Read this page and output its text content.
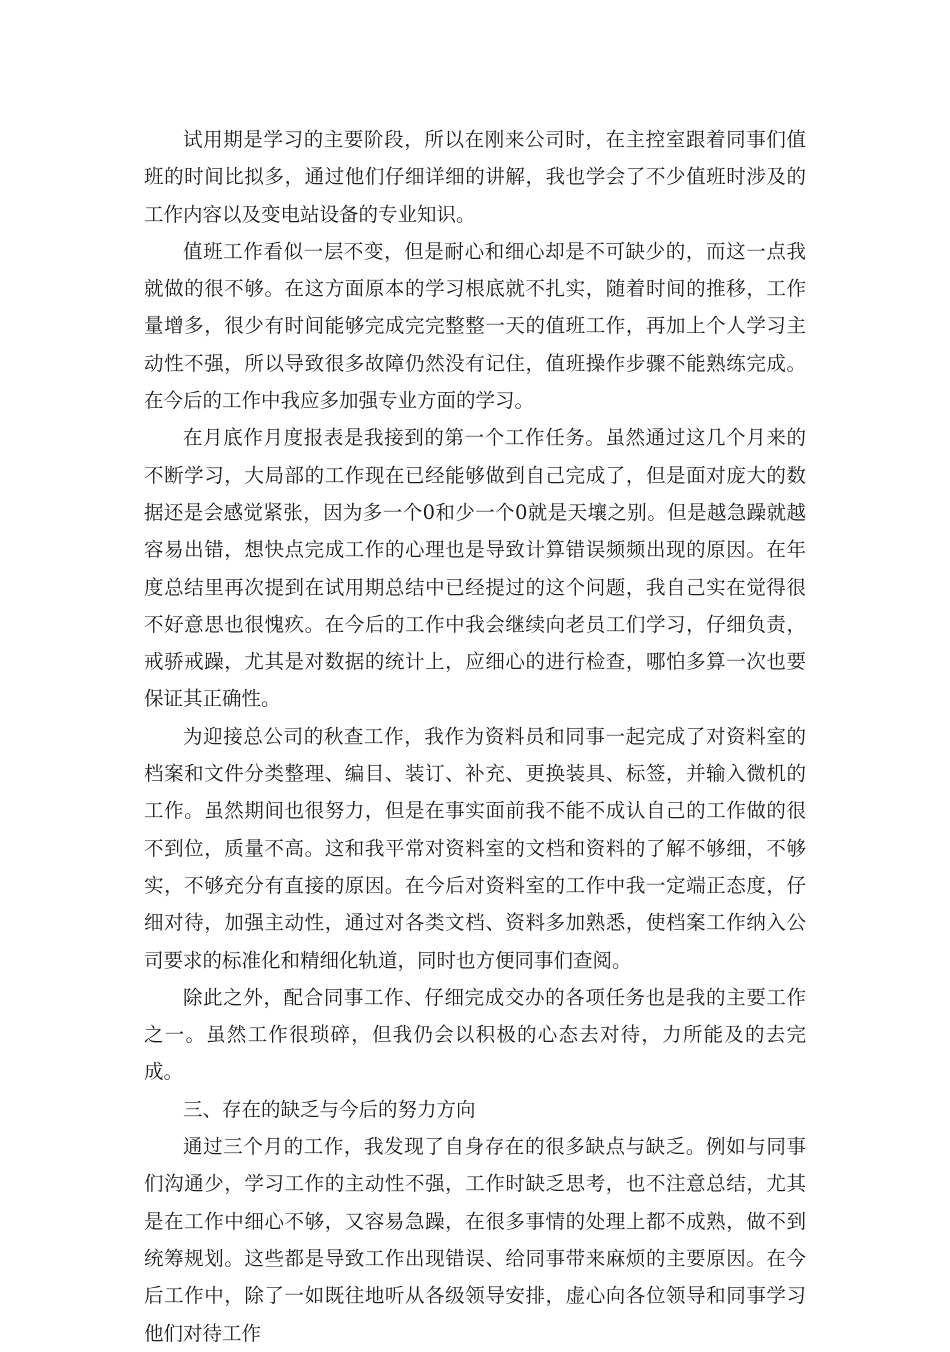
试用期是学习的主要阶段，所以在刚来公司时，在主控室跟着同事们值班的时间比拟多，通过他们仔细详细的讲解，我也学会了不少值班时涉及的工作内容以及变电站设备的专业知识。

值班工作看似一层不变，但是耐心和细心却是不可缺少的，而这一点我就做的很不够。在这方面原本的学习根底就不扎实，随着时间的推移，工作量增多，很少有时间能够完成完完整整一天的值班工作，再加上个人学习主动性不强，所以导致很多故障仍然没有记住，值班操作步骤不能熟练完成。在今后的工作中我应多加强专业方面的学习。

在月底作月度报表是我接到的第一个工作任务。虽然通过这几个月来的不断学习，大局部的工作现在已经能够做到自己完成了，但是面对庞大的数据还是会感觉紧张，因为多一个0和少一个0就是天壤之别。但是越急躁就越容易出错，想快点完成工作的心理也是导致计算错误频频出现的原因。在年度总结里再次提到在试用期总结中已经提过的这个问题，我自己实在觉得很不好意思也很愧疚。在今后的工作中我会继续向老员工们学习，仔细负责，戒骄戒躁，尤其是对数据的统计上，应细心的进行检查，哪怕多算一次也要保证其正确性。

为迎接总公司的秋查工作，我作为资料员和同事一起完成了对资料室的档案和文件分类整理、编目、装订、补充、更换装具、标签，并输入微机的工作。虽然期间也很努力，但是在事实面前我不能不成认自己的工作做的很不到位，质量不高。这和我平常对资料室的文档和资料的了解不够细，不够实，不够充分有直接的原因。在今后对资料室的工作中我一定端正态度，仔细对待，加强主动性，通过对各类文档、资料多加熟悉，使档案工作纳入公司要求的标准化和精细化轨道，同时也方便同事们查阅。

除此之外，配合同事工作、仔细完成交办的各项任务也是我的主要工作之一。虽然工作很琐碎，但我仍会以积极的心态去对待，力所能及的去完成。

三、存在的缺乏与今后的努力方向

通过三个月的工作，我发现了自身存在的很多缺点与缺乏。例如与同事们沟通少，学习工作的主动性不强，工作时缺乏思考，也不注意总结，尤其是在工作中细心不够，又容易急躁，在很多事情的处理上都不成熟，做不到统筹规划。这些都是导致工作出现错误、给同事带来麻烦的主要原因。在今后工作中，除了一如既往地听从各级领导安排，虚心向各位领导和同事学习他们对待工作
